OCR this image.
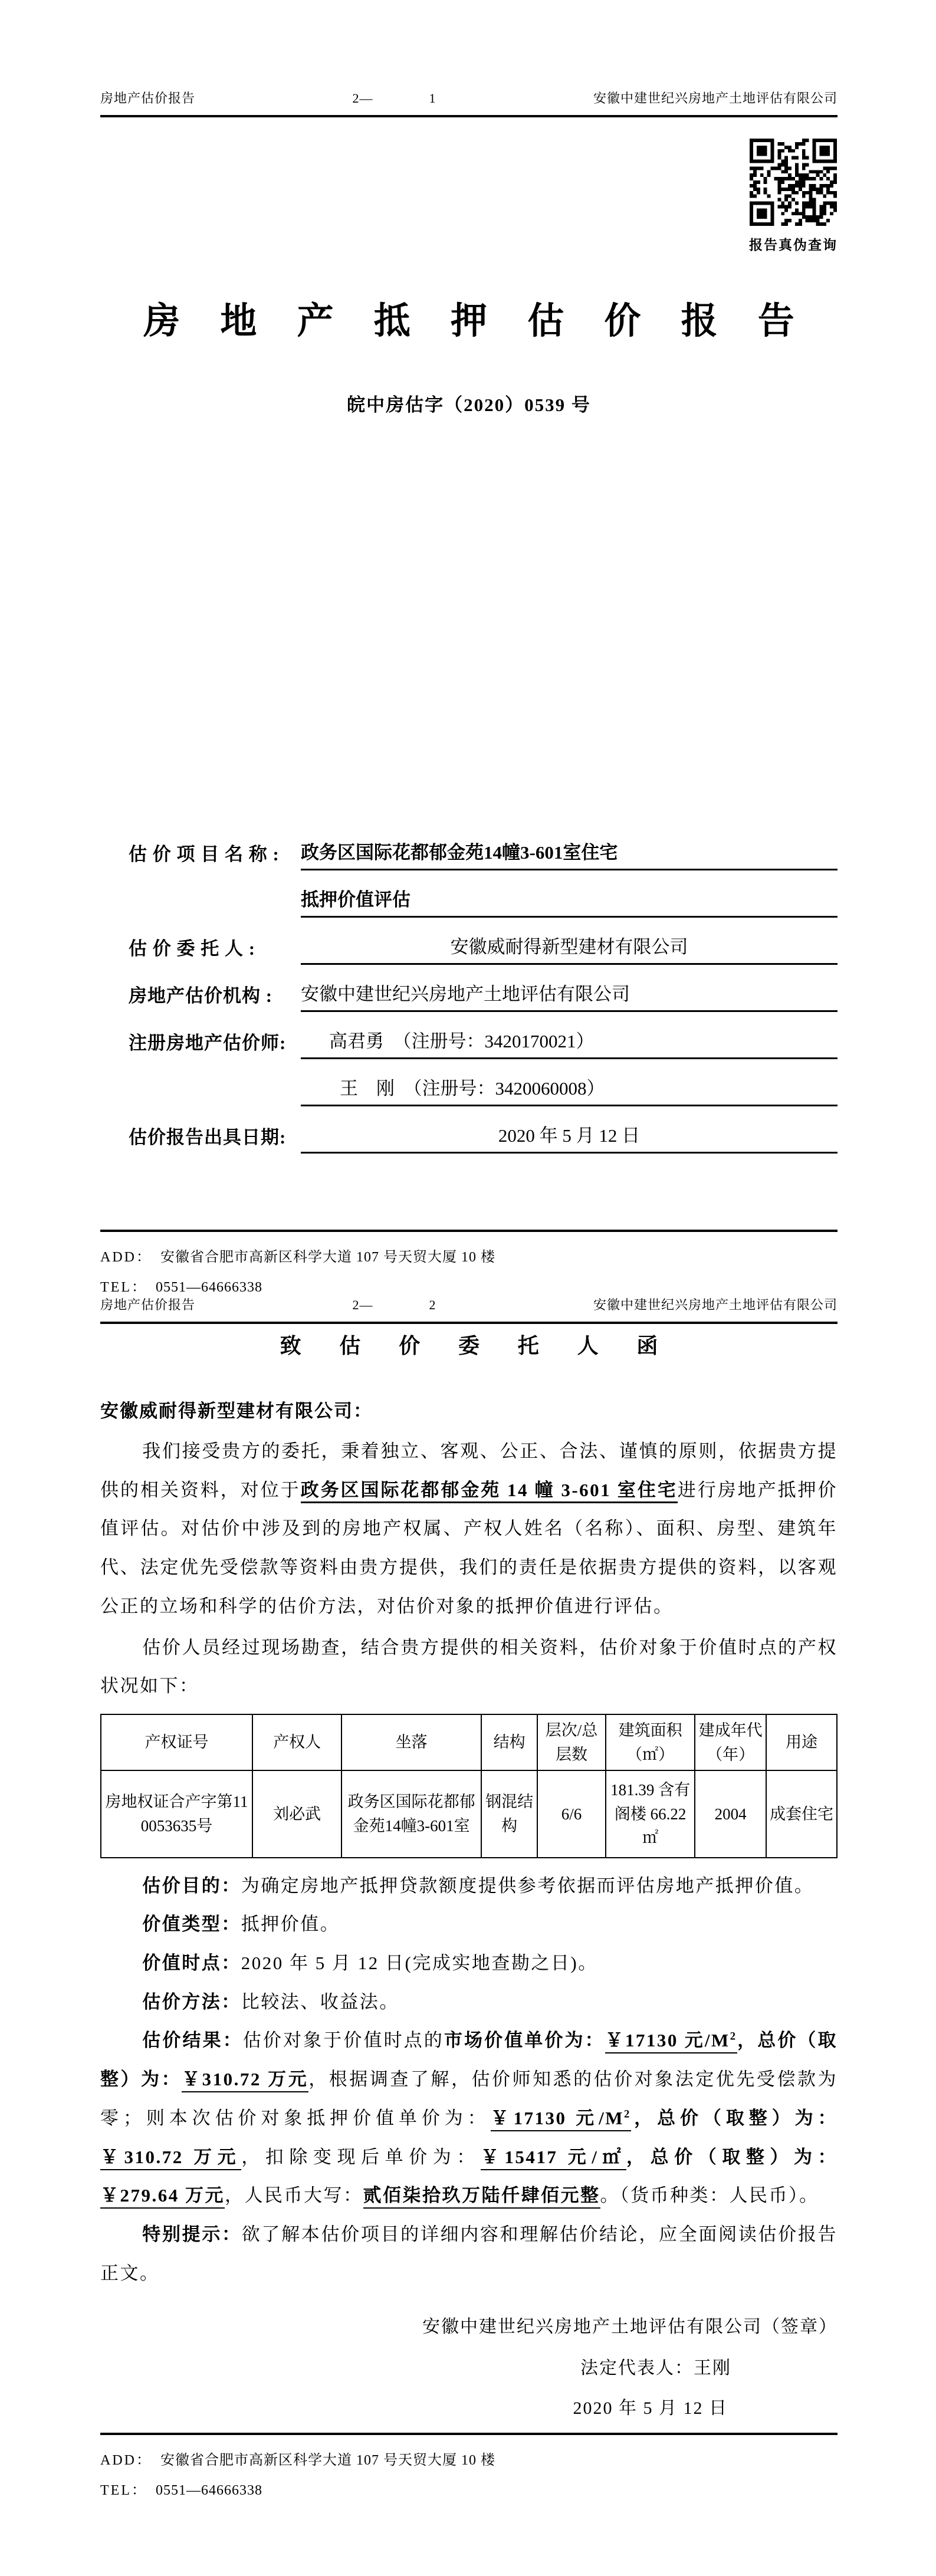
房地产估价报告	2—	1	安徽中建世纪兴房地产土地评估有限公司
报告真伪查询
房地产抵押估价报告
皖中房估字（2020）0539 号
估 价 项 目 名 称 :	政务区国际花都郁金苑14幢3-601室住宅
抵押价值评估
估 价 委 托 人 :	安徽威耐得新型建材有限公司
房地产估价机构 :	安徽中建世纪兴房地产土地评估有限公司
注册房地产估价师:	高君勇　（注册号：3420170021）
王　刚　（注册号：3420060008）
估价报告出具日期:	2020 年 5 月 12 日

ADD： 安徽省合肥市高新区科学大道 107 号天贸大厦 10 楼

TEL： 0551—64666338

房地产估价报告	2—	2	安徽中建世纪兴房地产土地评估有限公司
致估价委托人函
安徽威耐得新型建材有限公司：

我们接受贵方的委托，秉着独立、客观、公正、合法、谨慎的原则，依据贵方提供的相关资料，对位于政务区国际花都郁金苑 14 幢 3-601 室住宅进行房地产抵押价值评估。对估价中涉及到的房地产权属、产权人姓名（名称）、面积、房型、建筑年代、法定优先受偿款等资料由贵方提供，我们的责任是依据贵方提供的资料，以客观公正的立场和科学的估价方法，对估价对象的抵押价值进行评估。

估价人员经过现场勘查，结合贵方提供的相关资料，估价对象于价值时点的产权状况如下：

产权证号	产权人	坐落	结构	层次/总层数	建筑面积（㎡）	建成年代（年）	用途
房地权证合产字第110053635号	刘必武	政务区国际花都郁金苑14幢3-601室	钢混结构	6/6	181.39 含有阁楼 66.22 ㎡	2004	成套住宅

估价目的：为确定房地产抵押贷款额度提供参考依据而评估房地产抵押价值。

价值类型：抵押价值。

价值时点：2020 年 5 月 12 日(完成实地查勘之日)。

估价方法：比较法、收益法。

估价结果：估价对象于价值时点的市场价值单价为：￥17130 元$/M^2$，总价（取整）为：￥310.72 万元，根据调查了解，估价师知悉的估价对象法定优先受偿款为零；则本次估价对象抵押价值单价为：￥17130 元$/M^2$，总价（取整）为：￥310.72 万元，扣除变现后单价为：￥15417 元/㎡，总价（取整）为：￥279.64 万元，人民币大写：贰佰柒拾玖万陆仟肆佰元整。（货币种类：人民币）。

特别提示：欲了解本估价项目的详细内容和理解估价结论，应全面阅读估价报告正文。

安徽中建世纪兴房地产土地评估有限公司（签章）
法定代表人：王刚
2020 年 5 月 12 日

ADD： 安徽省合肥市高新区科学大道 107 号天贸大厦 10 楼

TEL： 0551—64666338
